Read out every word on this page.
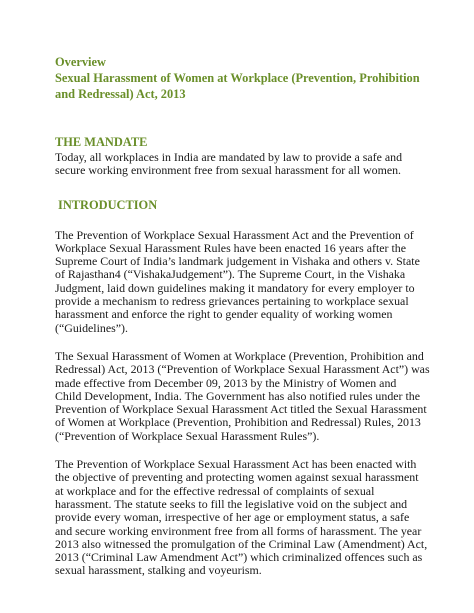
Overview
Sexual Harassment of Women at Workplace (Prevention, Prohibition
and Redressal) Act, 2013
THE MANDATE

Today, all workplaces in India are mandated by law to provide a safe and
secure working environment free from sexual harassment for all women.

INTRODUCTION

The Prevention of Workplace Sexual Harassment Act and the Prevention of
Workplace Sexual Harassment Rules have been enacted 16 years after the
Supreme Court of India’s landmark judgement in Vishaka and others v. State
of Rajasthan4 (“VishakaJudgement”). The Supreme Court, in the Vishaka
Judgment, laid down guidelines making it mandatory for every employer to
provide a mechanism to redress grievances pertaining to workplace sexual
harassment and enforce the right to gender equality of working women
(“Guidelines”).

The Sexual Harassment of Women at Workplace (Prevention, Prohibition and
Redressal) Act, 2013 (“Prevention of Workplace Sexual Harassment Act”) was
made effective from December 09, 2013 by the Ministry of Women and
Child Development, India. The Government has also notified rules under the
Prevention of Workplace Sexual Harassment Act titled the Sexual Harassment
of Women at Workplace (Prevention, Prohibition and Redressal) Rules, 2013
(“Prevention of Workplace Sexual Harassment Rules”).

The Prevention of Workplace Sexual Harassment Act has been enacted with
the objective of preventing and protecting women against sexual harassment
at workplace and for the effective redressal of complaints of sexual
harassment. The statute seeks to fill the legislative void on the subject and
provide every woman, irrespective of her age or employment status, a safe
and secure working environment free from all forms of harassment. The year
2013 also witnessed the promulgation of the Criminal Law (Amendment) Act,
2013 (“Criminal Law Amendment Act”) which criminalized offences such as
sexual harassment, stalking and voyeurism.
